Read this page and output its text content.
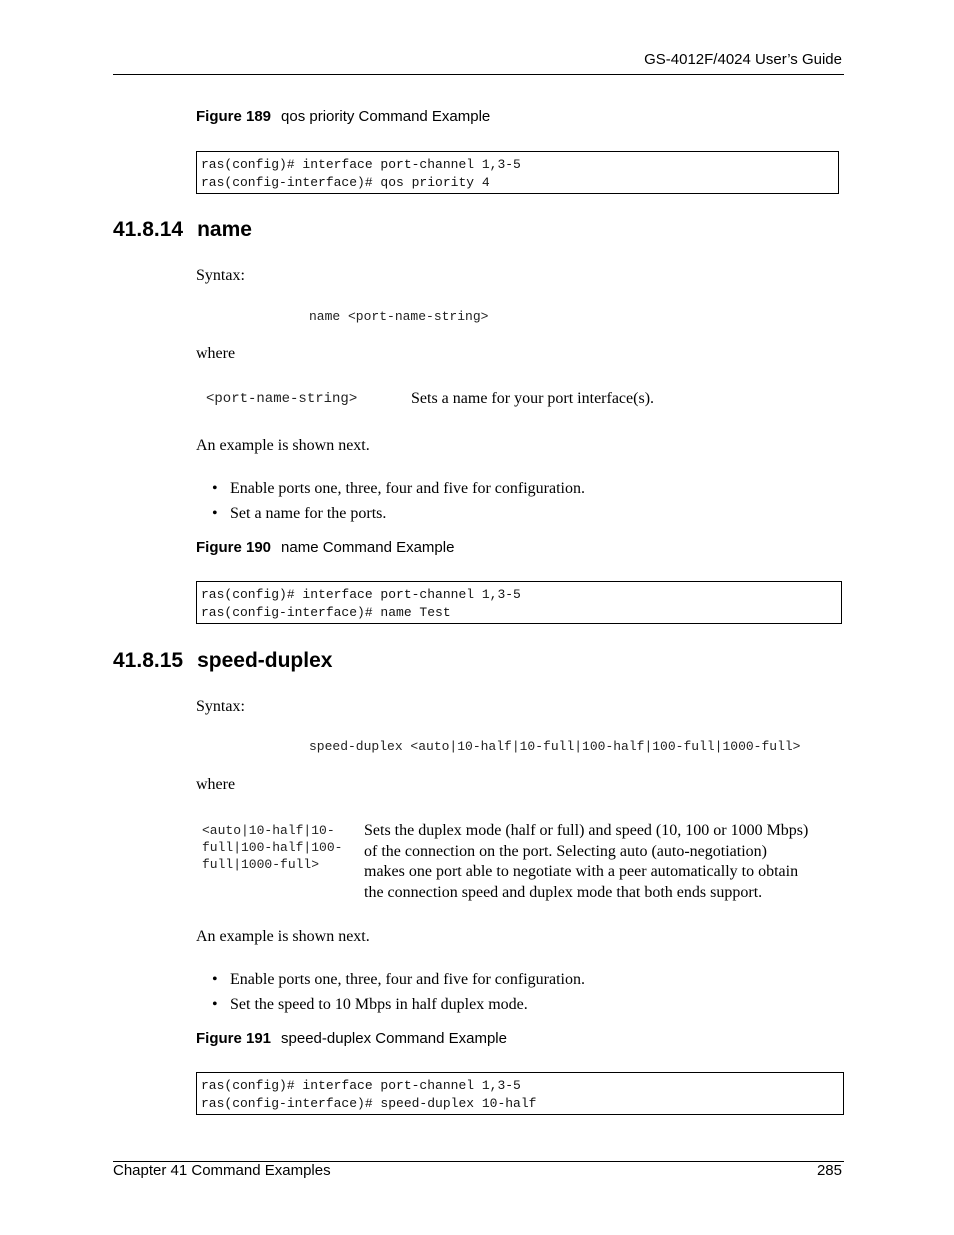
GS-4012F/4024 User’s Guide
Figure 189 qos priority Command Example
ras(config)# interface port-channel 1,3-5
ras(config-interface)# qos priority 4
41.8.14 name
Syntax:
name <port-name-string>
where
<port-name-string>	Sets a name for your port interface(s).
An example is shown next.
• Enable ports one, three, four and five for configuration.
• Set a name for the ports.
Figure 190 name Command Example
ras(config)# interface port-channel 1,3-5
ras(config-interface)# name Test
41.8.15 speed-duplex
Syntax:
speed-duplex <auto|10-half|10-full|100-half|100-full|1000-full>
where
<auto|10-half|10-
full|100-half|100-
full|1000-full>
Sets the duplex mode (half or full) and speed (10, 100 or 1000 Mbps)
of the connection on the port. Selecting auto (auto-negotiation)
makes one port able to negotiate with a peer automatically to obtain
the connection speed and duplex mode that both ends support.
An example is shown next.
• Enable ports one, three, four and five for configuration.
• Set the speed to 10 Mbps in half duplex mode.
Figure 191 speed-duplex Command Example
ras(config)# interface port-channel 1,3-5
ras(config-interface)# speed-duplex 10-half
Chapter 41 Command Examples	285
